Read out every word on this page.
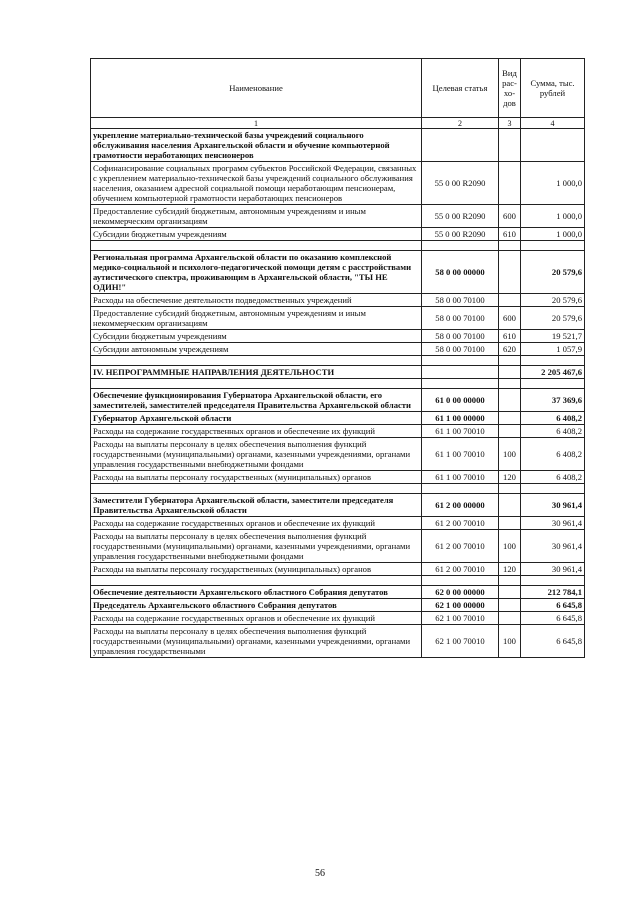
Наименование	Целевая статья	Вид рас-хо-дов	Сумма, тыс. рублей
1	2	3	4
укрепление материально-технической базы учреждений социального обслуживания населения Архангельской области и обучение компьютерной грамотности неработающих пенсионеров			
Софинансирование социальных программ субъектов Российской Федерации, связанных с укреплением материально-технической базы учреждений социального обслуживания населения, оказанием адресной социальной помощи неработающим пенсионерам, обучением компьютерной грамотности неработающих пенсионеров	55 0 00 R2090		1 000,0
Предоставление субсидий бюджетным, автономным учреждениям и иным некоммерческим организациям	55 0 00 R2090	600	1 000,0
Субсидии бюджетным учреждениям	55 0 00 R2090	610	1 000,0

Региональная программа Архангельской области по оказанию комплексной медико-социальной и психолого-педагогической помощи детям с расстройствами аутистического спектра, проживающим в Архангельской области, "ТЫ НЕ ОДИН!"	58 0 00 00000		20 579,6
Расходы на обеспечение деятельности подведомственных учреждений	58 0 00 70100		20 579,6
Предоставление субсидий бюджетным, автономным учреждениям и иным некоммерческим организациям	58 0 00 70100	600	20 579,6
Субсидии бюджетным учреждениям	58 0 00 70100	610	19 521,7
Субсидии автономным учреждениям	58 0 00 70100	620	1 057,9

IV. НЕПРОГРАММНЫЕ НАПРАВЛЕНИЯ ДЕЯТЕЛЬНОСТИ			2 205 467,6

Обеспечение функционирования Губернатора Архангельской области, его заместителей, заместителей председателя Правительства Архангельской области	61 0 00 00000		37 369,6
Губернатор Архангельской области	61 1 00 00000		6 408,2
Расходы на содержание государственных органов и обеспечение их функций	61 1 00 70010		6 408,2
Расходы на выплаты персоналу в целях обеспечения выполнения функций государственными (муниципальными) органами, казенными учреждениями, органами управления государственными внебюджетными фондами	61 1 00 70010	100	6 408,2
Расходы на выплаты персоналу государственных (муниципальных) органов	61 1 00 70010	120	6 408,2

Заместители Губернатора Архангельской области, заместители председателя Правительства Архангельской области	61 2 00 00000		30 961,4
Расходы на содержание государственных органов и обеспечение их функций	61 2 00 70010		30 961,4
Расходы на выплаты персоналу в целях обеспечения выполнения функций государственными (муниципальными) органами, казенными учреждениями, органами управления государственными внебюджетными фондами	61 2 00 70010	100	30 961,4
Расходы на выплаты персоналу государственных (муниципальных) органов	61 2 00 70010	120	30 961,4

Обеспечение деятельности Архангельского областного Собрания депутатов	62 0 00 00000		212 784,1
Председатель Архангельского областного Собрания депутатов	62 1 00 00000		6 645,8
Расходы на содержание государственных органов и обеспечение их функций	62 1 00 70010		6 645,8
Расходы на выплаты персоналу в целях обеспечения выполнения функций государственными (муниципальными) органами, казенными учреждениями, органами управления государственными	62 1 00 70010	100	6 645,8
56
